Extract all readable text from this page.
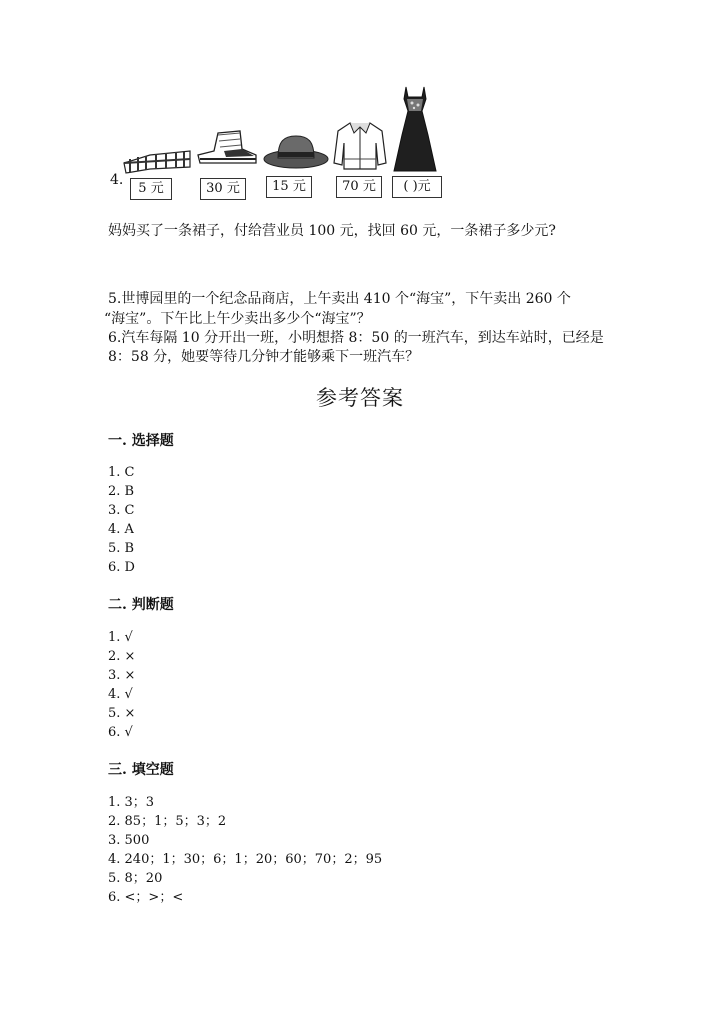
5 元	30 元	15 元	70 元	( )元
4.
妈妈买了一条裙子，付给营业员 100 元，找回 60 元，一条裙子多少元?
5.世博园里的一个纪念品商店，上午卖出 410 个“海宝”，下午卖出 260 个
“海宝”。下午比上午少卖出多少个“海宝”？
6.汽车每隔 10 分开出一班，小明想搭 8：50 的一班汽车，到达车站时，已经是
8：58 分，她要等待几分钟才能够乘下一班汽车？
参考答案
一. 选择题
1. C
2. B
3. C
4. A
5. B
6. D
二. 判断题
1. √
2. ×
3. ×
4. √
5. ×
6. √
三. 填空题
1. 3；3
2. 85；1；5；3；2
3. 500
4. 240；1；30；6；1；20；60；70；2；95
5. 8；20
6. <；>；<
